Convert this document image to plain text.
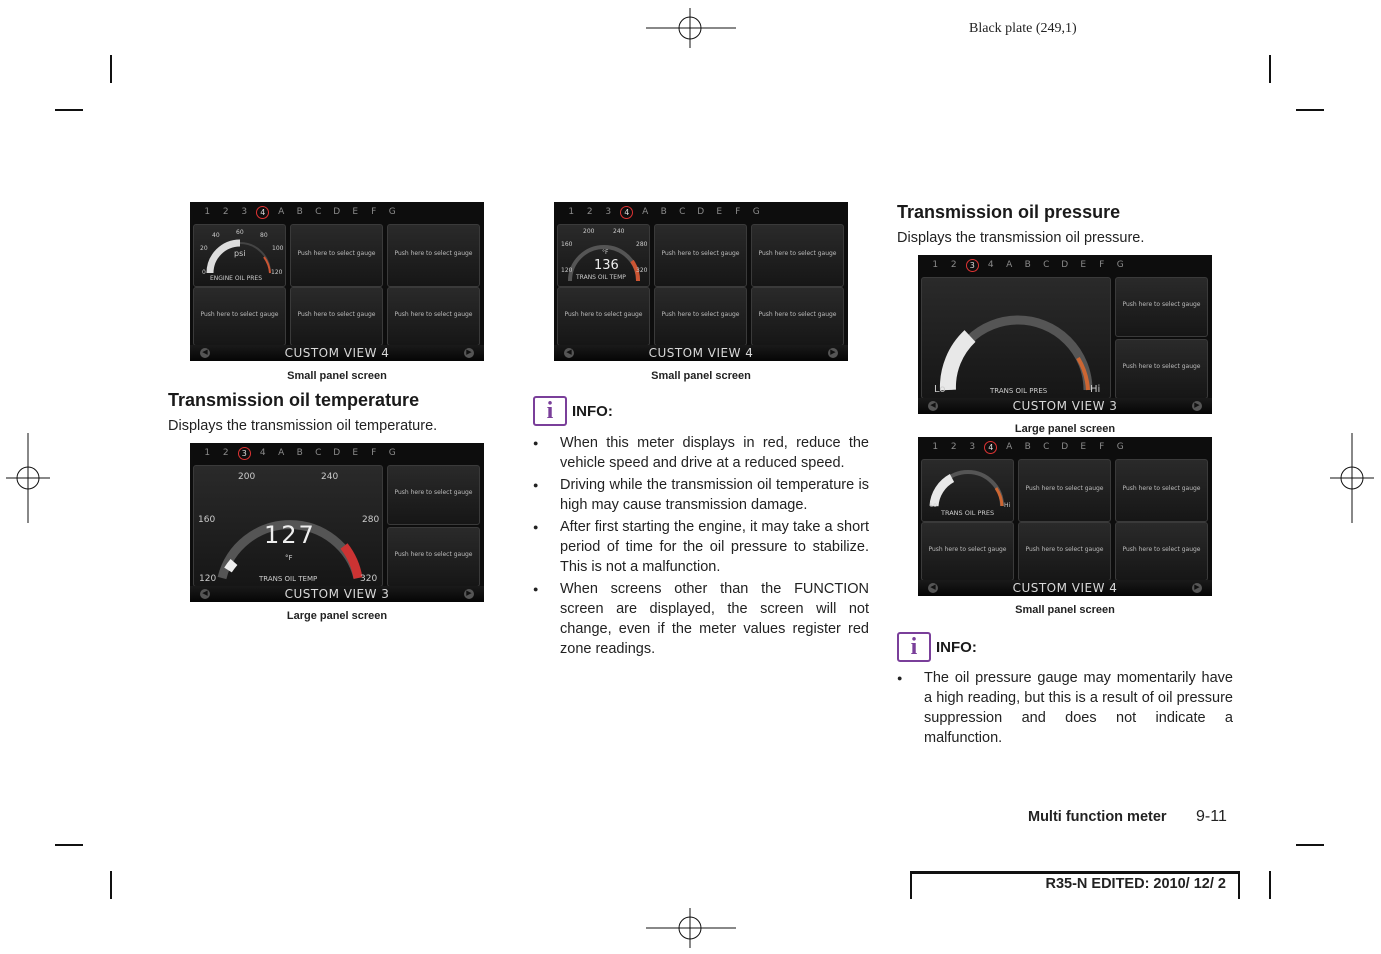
Black plate (249,1)
1	2	3	4	A	B	C	D	E	F	G
0
20
40	60	80
100
120
psi
ENGINE OIL PRES
Push here to select gauge	Push here to select gauge
Push here to select gauge	Push here to select gauge	Push here to select gauge
CUSTOM VIEW 4
◀	▶
Small panel screen
Transmission oil temperature
Displays the transmission oil temperature.
1	2	3	4	A	B	C	D	E	F	G
120
160
200	240
280
320
127
°F
TRANS OIL TEMP
Push here to select gauge
Push here to select gauge
CUSTOM VIEW 3
◀	▶
Large panel screen
1	2	3	4	A	B	C	D	E	F	G
120
160
200	240
280
320
°F
136
TRANS OIL TEMP
Push here to select gauge	Push here to select gauge
Push here to select gauge	Push here to select gauge	Push here to select gauge
CUSTOM VIEW 4
◀	▶
Small panel screen
i	INFO:
● When this meter displays in red, reduce the vehicle speed and drive at a reduced speed.
● Driving while the transmission oil temperature is high may cause transmission damage.
● After first starting the engine, it may take a short period of time for the oil pressure to stabilize. This is not a malfunction.
● When screens other than the FUNCTION screen are displayed, the screen will not change, even if the meter values register red zone readings.
Transmission oil pressure
Displays the transmission oil pressure.
1	2	3	4	A	B	C	D	E	F	G
Lo	Hi
TRANS OIL PRES
Push here to select gauge
Push here to select gauge
CUSTOM VIEW 3
◀	▶
Large panel screen
1	2	3	4	A	B	C	D	E	F	G
Lo	Hi
TRANS OIL PRES
Push here to select gauge	Push here to select gauge
Push here to select gauge	Push here to select gauge	Push here to select gauge
CUSTOM VIEW 4
◀	▶
Small panel screen
i	INFO:
● The oil pressure gauge may momentarily have a high reading, but this is a result of oil pressure suppression and does not indicate a malfunction.
Multi function meter 9-11
R35-N EDITED: 2010/ 12/ 2
